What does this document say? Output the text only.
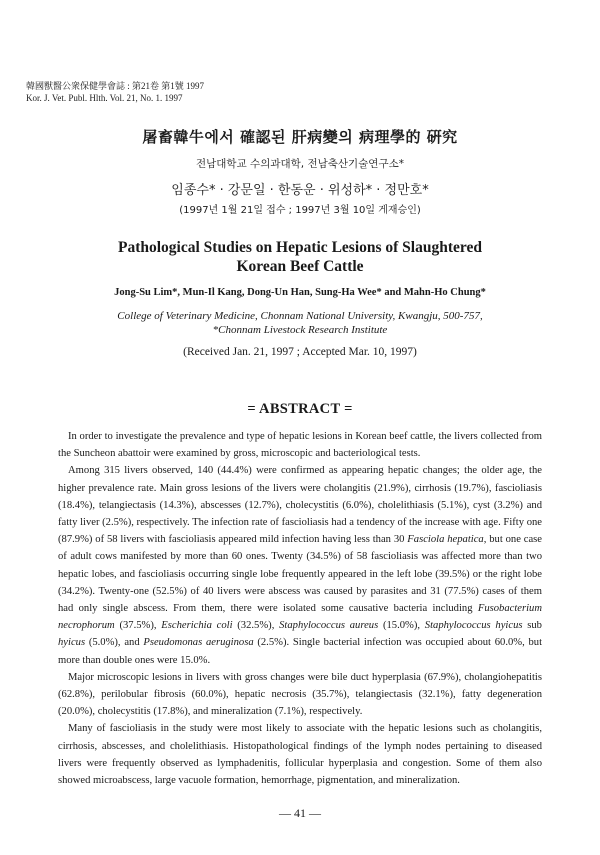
韓國獸醫公衆保健學會誌 : 第21卷 第1號 1997
Kor. J. Vet. Publ. Hlth. Vol. 21, No. 1. 1997
屠畜韓牛에서 確認된 肝病變의 病理學的 硏究
전남대학교 수의과대학, 전남축산기술연구소*
임종수* · 강문일 · 한동운 · 위성하* · 정만호*
(1997년 1월 21일 접수 ; 1997년 3월 10일 게재승인)
Pathological Studies on Hepatic Lesions of Slaughtered
Korean Beef Cattle
Jong-Su Lim*, Mun-Il Kang, Dong-Un Han, Sung-Ha Wee* and Mahn-Ho Chung*
College of Veterinary Medicine, Chonnam National University, Kwangju, 500-757,
*Chonnam Livestock Research Institute
(Received Jan. 21, 1997 ; Accepted Mar. 10, 1997)
= ABSTRACT =

In order to investigate the prevalence and type of hepatic lesions in Korean beef cattle, the livers collected from the Suncheon abattoir were examined by gross, microscopic and bacteriological tests.

Among 315 livers observed, 140 (44.4%) were confirmed as appearing hepatic changes; the older age, the higher prevalence rate. Main gross lesions of the livers were cholangitis (21.9%), cirrhosis (19.7%), fascioliasis (18.4%), telangiectasis (14.3%), abscesses (12.7%), cholecystitis (6.0%), cholelithiasis (5.1%), cyst (3.2%) and fatty liver (2.5%), respectively. The infection rate of fascioliasis had a tendency of the increase with age. Fifty one (87.9%) of 58 livers with fascioliasis appeared mild infection having less than 30 Fasciola hepatica, but one case of adult cows manifested by more than 60 ones. Twenty (34.5%) of 58 fascioliasis was affected more than two hepatic lobes, and fascioliasis occurring single lobe frequently appeared in the left lobe (39.5%) or the right lobe (34.2%). Twenty-one (52.5%) of 40 livers were abscess was caused by parasites and 31 (77.5%) cases of them had only single abscess. From them, there were isolated some causative bacteria including Fusobacterium necrophorum (37.5%), Escherichia coli (32.5%), Staphylococcus aureus (15.0%), Staphylococcus hyicus sub hyicus (5.0%), and Pseudomonas aeruginosa (2.5%). Single bacterial infection was occupied about 60.0%, but more than double ones were 15.0%.

Major microscopic lesions in livers with gross changes were bile duct hyperplasia (67.9%), cholangiohepatitis (62.8%), perilobular fibrosis (60.0%), hepatic necrosis (35.7%), telangiectasis (32.1%), fatty degeneration (20.0%), cholecystitis (17.8%), and mineralization (7.1%), respectively.

Many of fascioliasis in the study were most likely to associate with the hepatic lesions such as cholangitis, cirrhosis, abscesses, and cholelithiasis. Histopathological findings of the lymph nodes pertaining to diseased livers were frequently observed as lymphadenitis, follicular hyperplasia and congestion. Some of them also showed microabscess, large vacuole formation, hemorrhage, pigmentation, and mineralization.

— 41 —
